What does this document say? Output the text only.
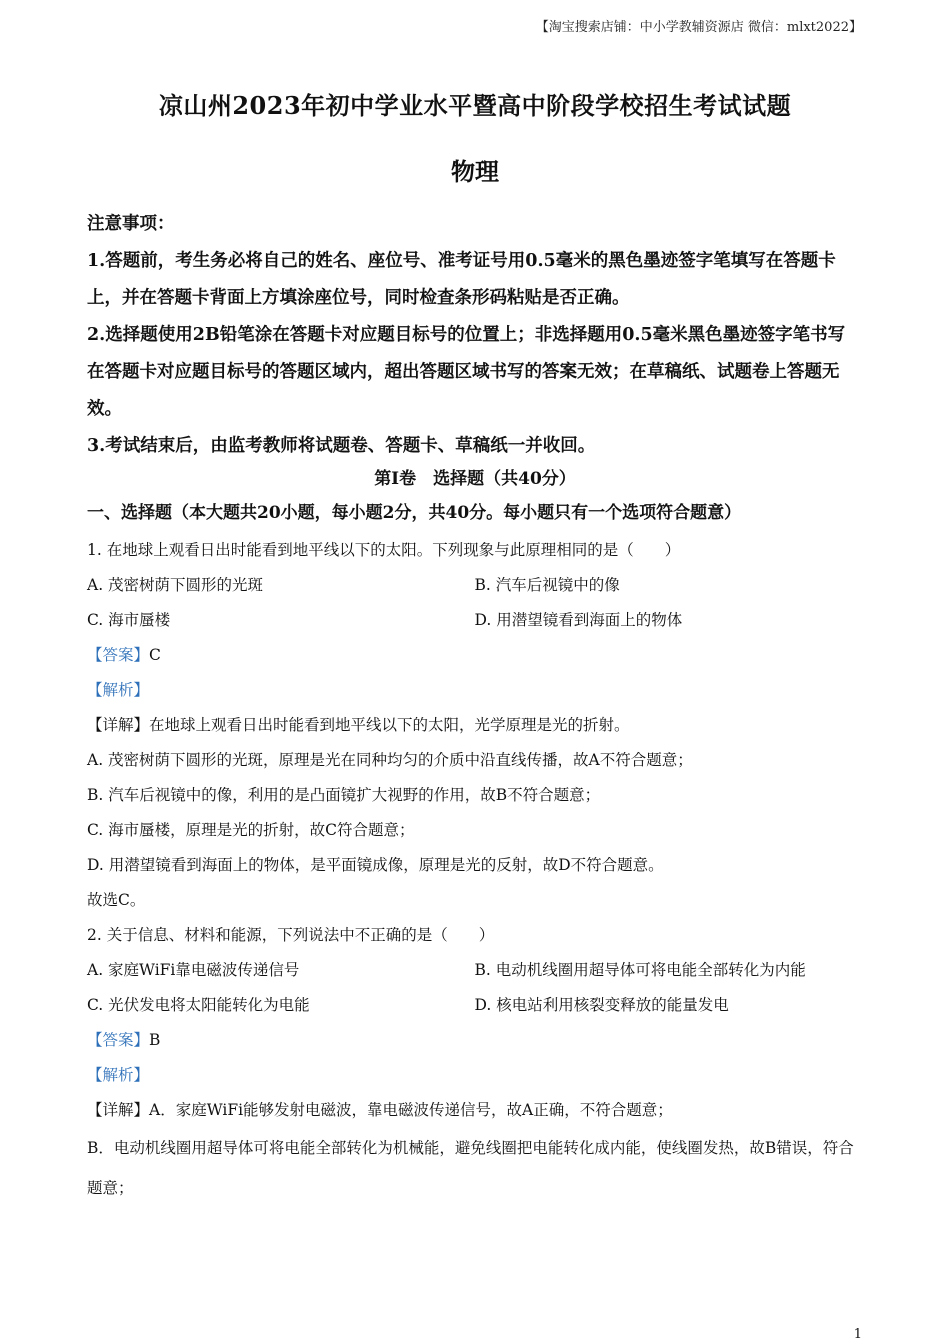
【淘宝搜索店铺：中小学教辅资源店 微信：mlxt2022】
凉山州2023年初中学业水平暨高中阶段学校招生考试试题
物理

注意事项：

1.答题前，考生务必将自己的姓名、座位号、准考证号用0.5毫米的黑色墨迹签字笔填写在答题卡上，并在答题卡背面上方填涂座位号，同时检查条形码粘贴是否正确。

2.选择题使用2B铅笔涂在答题卡对应题目标号的位置上；非选择题用0.5毫米黑色墨迹签字笔书写在答题卡对应题目标号的答题区域内，超出答题区域书写的答案无效；在草稿纸、试题卷上答题无效。

3.考试结束后，由监考教师将试题卷、答题卡、草稿纸一并收回。

第Ⅰ卷　选择题（共40分）
一、选择题（本大题共20小题，每小题2分，共40分。每小题只有一个选项符合题意）

1. 在地球上观看日出时能看到地平线以下的太阳。下列现象与此原理相同的是（　　）

A. 茂密树荫下圆形的光斑	B. 汽车后视镜中的像

C. 海市蜃楼	D. 用潜望镜看到海面上的物体

【答案】C

【解析】

【详解】在地球上观看日出时能看到地平线以下的太阳，光学原理是光的折射。

A. 茂密树荫下圆形的光斑，原理是光在同种均匀的介质中沿直线传播，故A不符合题意；

B. 汽车后视镜中的像，利用的是凸面镜扩大视野的作用，故B不符合题意；

C. 海市蜃楼，原理是光的折射，故C符合题意；

D. 用潜望镜看到海面上的物体，是平面镜成像，原理是光的反射，故D不符合题意。

故选C。

2. 关于信息、材料和能源，下列说法中不正确的是（　　）

A. 家庭WiFi靠电磁波传递信号	B. 电动机线圈用超导体可将电能全部转化为内能

C. 光伏发电将太阳能转化为电能	D. 核电站利用核裂变释放的能量发电

【答案】B

【解析】

【详解】A．家庭WiFi能够发射电磁波，靠电磁波传递信号，故A正确，不符合题意；

B．电动机线圈用超导体可将电能全部转化为机械能，避免线圈把电能转化成内能，使线圈发热，故B错误，符合题意；

1
